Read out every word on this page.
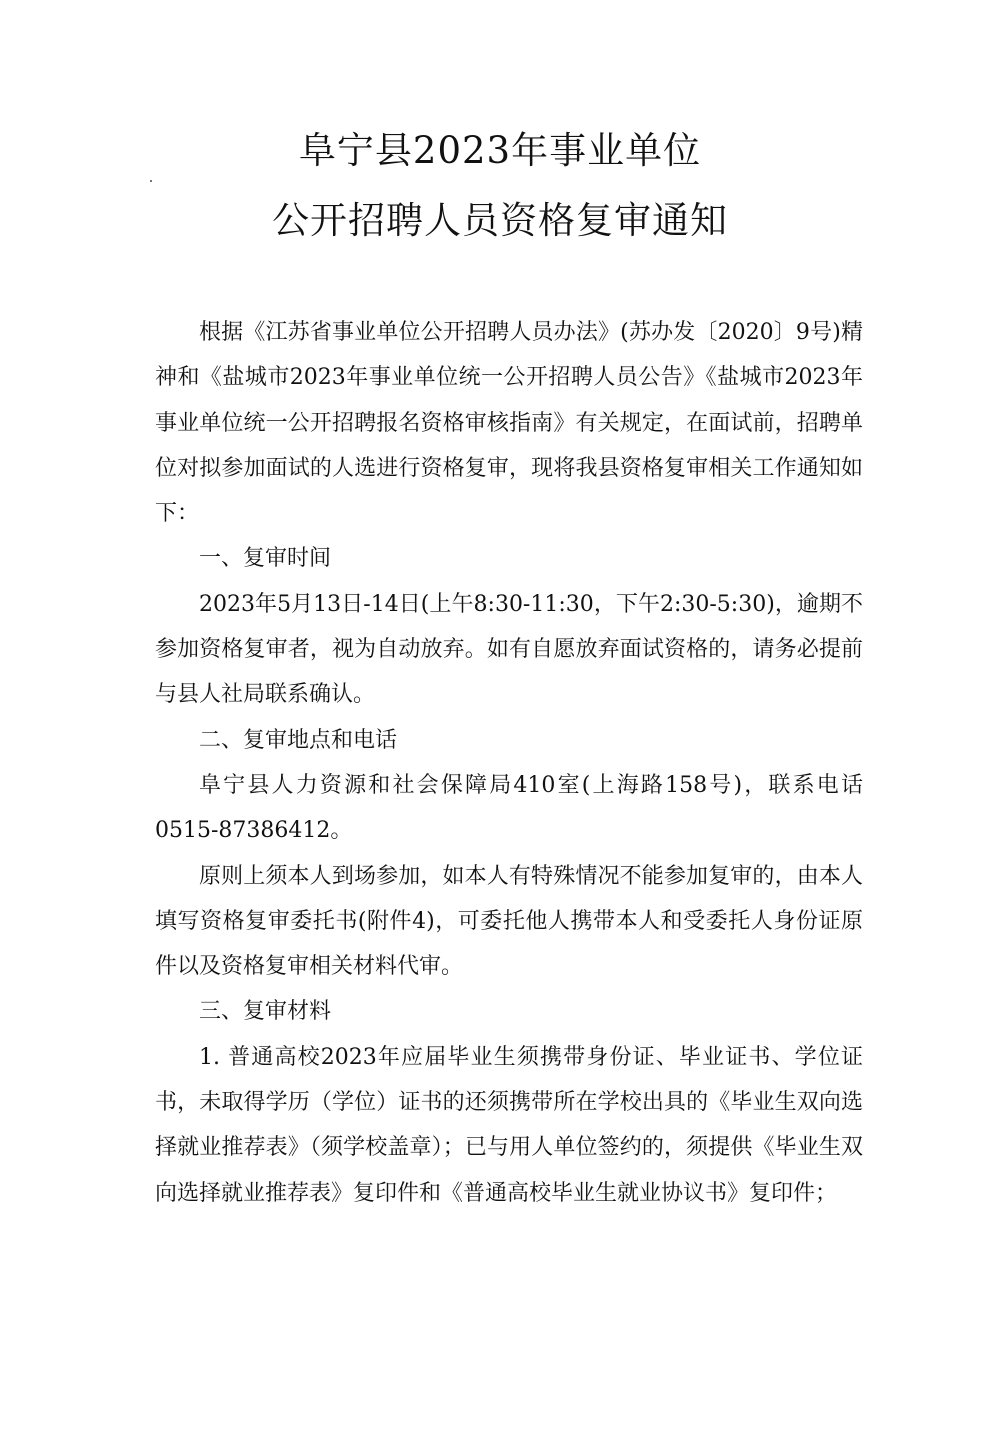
阜宁县2023年事业单位
公开招聘人员资格复审通知

根据《江苏省事业单位公开招聘人员办法》(苏办发〔2020〕9号)精神和《盐城市2023年事业单位统一公开招聘人员公告》《盐城市2023年事业单位统一公开招聘报名资格审核指南》有关规定，在面试前，招聘单位对拟参加面试的人选进行资格复审，现将我县资格复审相关工作通知如下：

一、复审时间

2023年5月13日-14日(上午8:30-11:30，下午2:30-5:30)，逾期不参加资格复审者，视为自动放弃。如有自愿放弃面试资格的，请务必提前与县人社局联系确认。

二、复审地点和电话

阜宁县人力资源和社会保障局410室(上海路158号)，联系电话0515-87386412。

原则上须本人到场参加，如本人有特殊情况不能参加复审的，由本人填写资格复审委托书(附件4)，可委托他人携带本人和受委托人身份证原件以及资格复审相关材料代审。

三、复审材料

1. 普通高校2023年应届毕业生须携带身份证、毕业证书、学位证书，未取得学历（学位）证书的还须携带所在学校出具的《毕业生双向选择就业推荐表》（须学校盖章）；已与用人单位签约的，须提供《毕业生双向选择就业推荐表》复印件和《普通高校毕业生就业协议书》复印件；
